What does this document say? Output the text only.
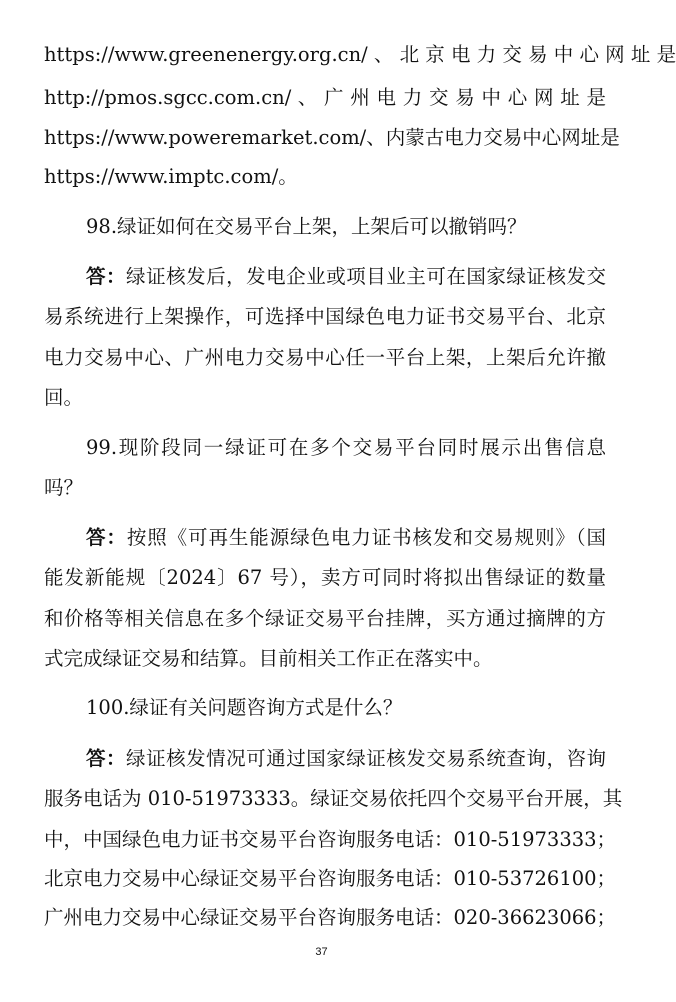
https://www.greenenergy.org.cn/ 、 北 京 电 力 交 易 中 心 网 址 是
http://pmos.sgcc.com.cn/ 、 广 州 电 力 交 易 中 心 网 址 是
https://www.poweremarket.com/、内蒙古电力交易中心网址是
https://www.imptc.com/。
98.绿证如何在交易平台上架，上架后可以撤销吗？
答：绿证核发后，发电企业或项目业主可在国家绿证核发交
易系统进行上架操作，可选择中国绿色电力证书交易平台、北京
电力交易中心、广州电力交易中心任一平台上架，上架后允许撤
回。
99.现阶段同一绿证可在多个交易平台同时展示出售信息
吗？
答：按照《可再生能源绿色电力证书核发和交易规则》（国
能发新能规〔2024〕67 号），卖方可同时将拟出售绿证的数量
和价格等相关信息在多个绿证交易平台挂牌，买方通过摘牌的方
式完成绿证交易和结算。目前相关工作正在落实中。
100.绿证有关问题咨询方式是什么？
答：绿证核发情况可通过国家绿证核发交易系统查询，咨询
服务电话为 010-51973333。绿证交易依托四个交易平台开展，其
中，中国绿色电力证书交易平台咨询服务电话：010-51973333；
北京电力交易中心绿证交易平台咨询服务电话：010-53726100；
广州电力交易中心绿证交易平台咨询服务电话：020-36623066；
37
